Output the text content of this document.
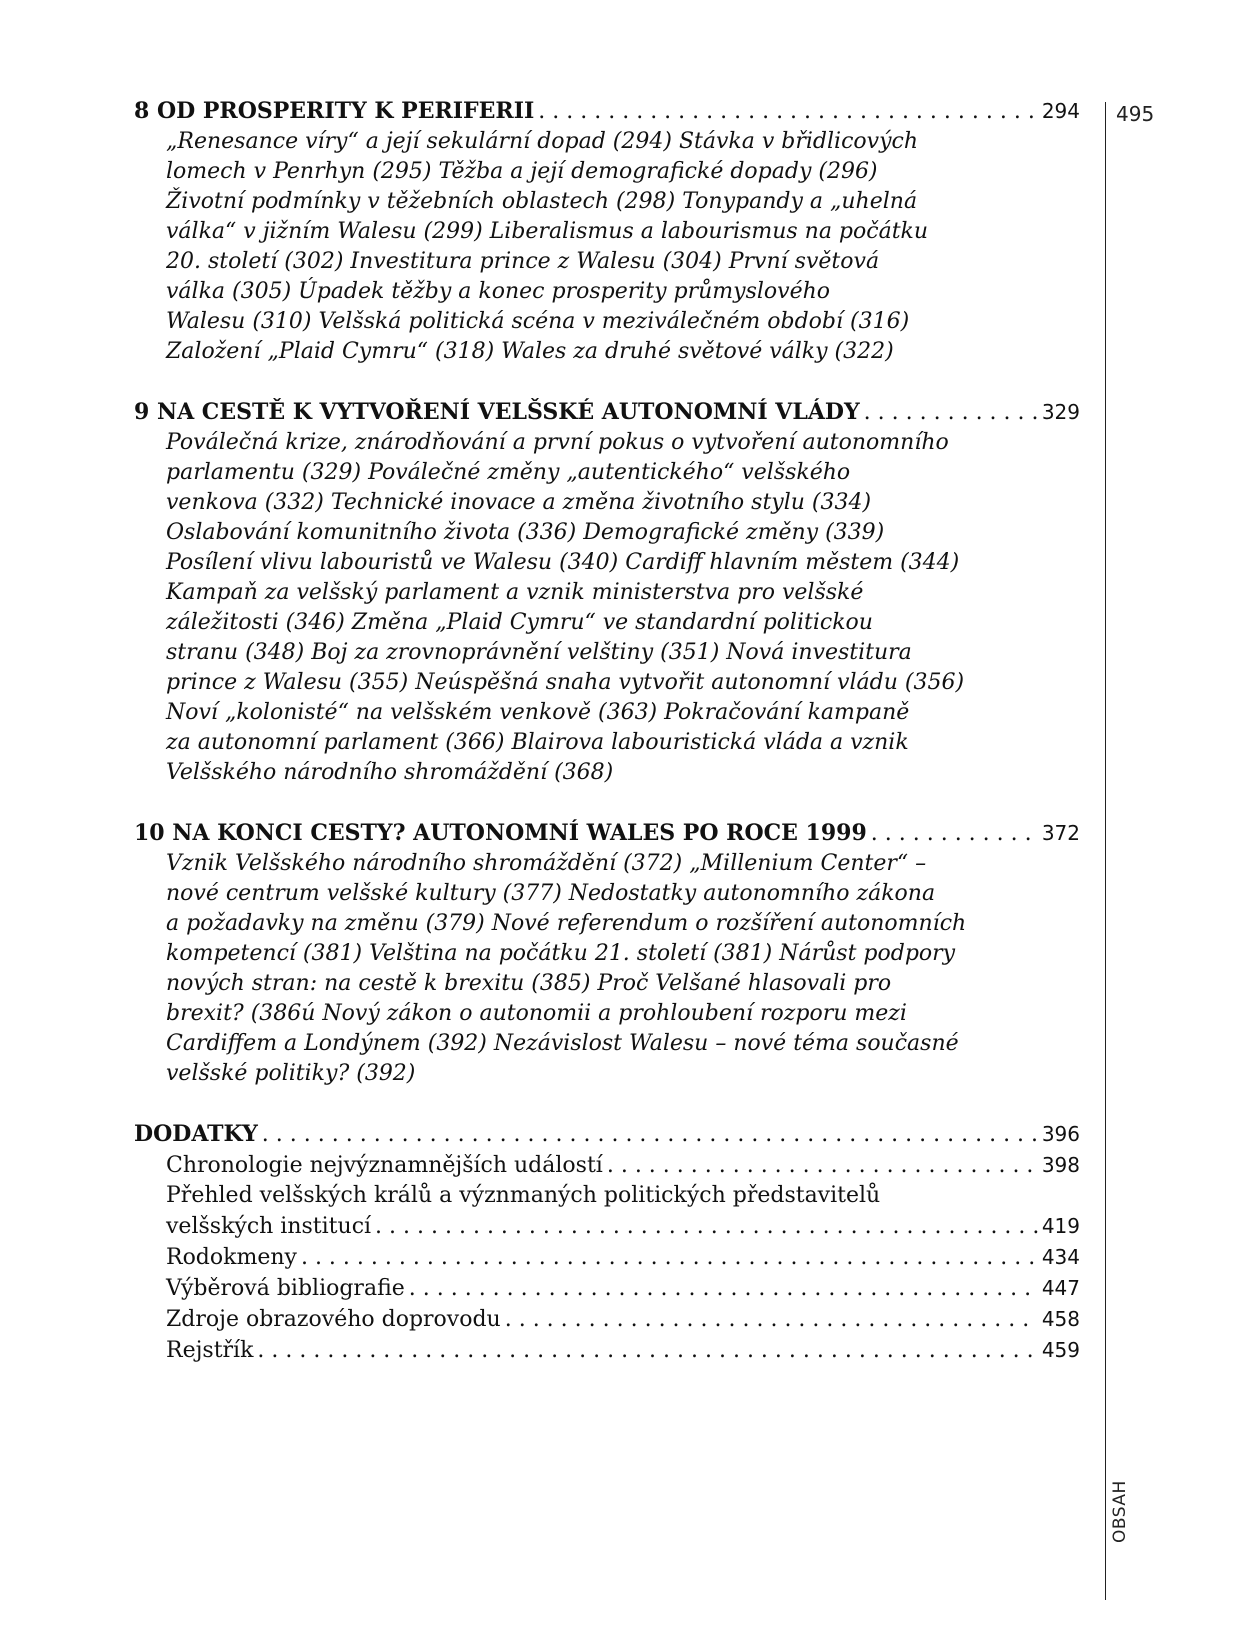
495
OBSAH
8 OD PROSPERITY K PERIFERII . . .	294
„Renesance víry“ a její sekulární dopad (294) Stávka v břidlicových
lomech v Penrhyn (295) Těžba a její demografické dopady (296)
Životní podmínky v těžebních oblastech (298) Tonypandy a „uhelná
válka“ v jižním Walesu (299) Liberalismus a labourismus na počátku
20. století (302) Investitura prince z Walesu (304) První světová
válka (305) Úpadek těžby a konec prosperity průmyslového
Walesu (310) Velšská politická scéna v meziválečném období (316)
Založení „Plaid Cymru“ (318) Wales za druhé světové války (322)
9 NA CESTĚ K VYTVOŘENÍ VELŠSKÉ AUTONOMNÍ VLÁDY . . .	329
Poválečná krize, znárodňování a první pokus o vytvoření autonomního
parlamentu (329) Poválečné změny „autentického“ velšského
venkova (332) Technické inovace a změna životního stylu (334)
Oslabování komunitního života (336) Demografické změny (339)
Posílení vlivu labouristů ve Walesu (340) Cardiff hlavním městem (344)
Kampaň za velšský parlament a vznik ministerstva pro velšské
záležitosti (346) Změna „Plaid Cymru“ ve standardní politickou
stranu (348) Boj za zrovnoprávnění velštiny (351) Nová investitura
prince z Walesu (355) Neúspěšná snaha vytvořit autonomní vládu (356)
Noví „kolonisté“ na velšském venkově (363) Pokračování kampaně
za autonomní parlament (366) Blairova labouristická vláda a vznik
Velšského národního shromáždění (368)
10 NA KONCI CESTY? AUTONOMNÍ WALES PO ROCE 1999 . . .	372
Vznik Velšského národního shromáždění (372) „Millenium Center“ –
nové centrum velšské kultury (377) Nedostatky autonomního zákona
a požadavky na změnu (379) Nové referendum o rozšíření autonomních
kompetencí (381) Velština na počátku 21. století (381) Nárůst podpory
nových stran: na cestě k brexitu (385) Proč Velšané hlasovali pro
brexit? (386ú Nový zákon o autonomii a prohloubení rozporu mezi
Cardiffem a Londýnem (392) Nezávislost Walesu – nové téma současné
velšské politiky? (392)
DODATKY . . .	396
Chronologie nejvýznamnějších událostí . . .	398
Přehled velšských králů a význmaných politických představitelů
velšských institucí . . .	419
Rodokmeny . . .	434
Výběrová bibliografie . . .	447
Zdroje obrazového doprovodu . . .	458
Rejstřík . . .	459
